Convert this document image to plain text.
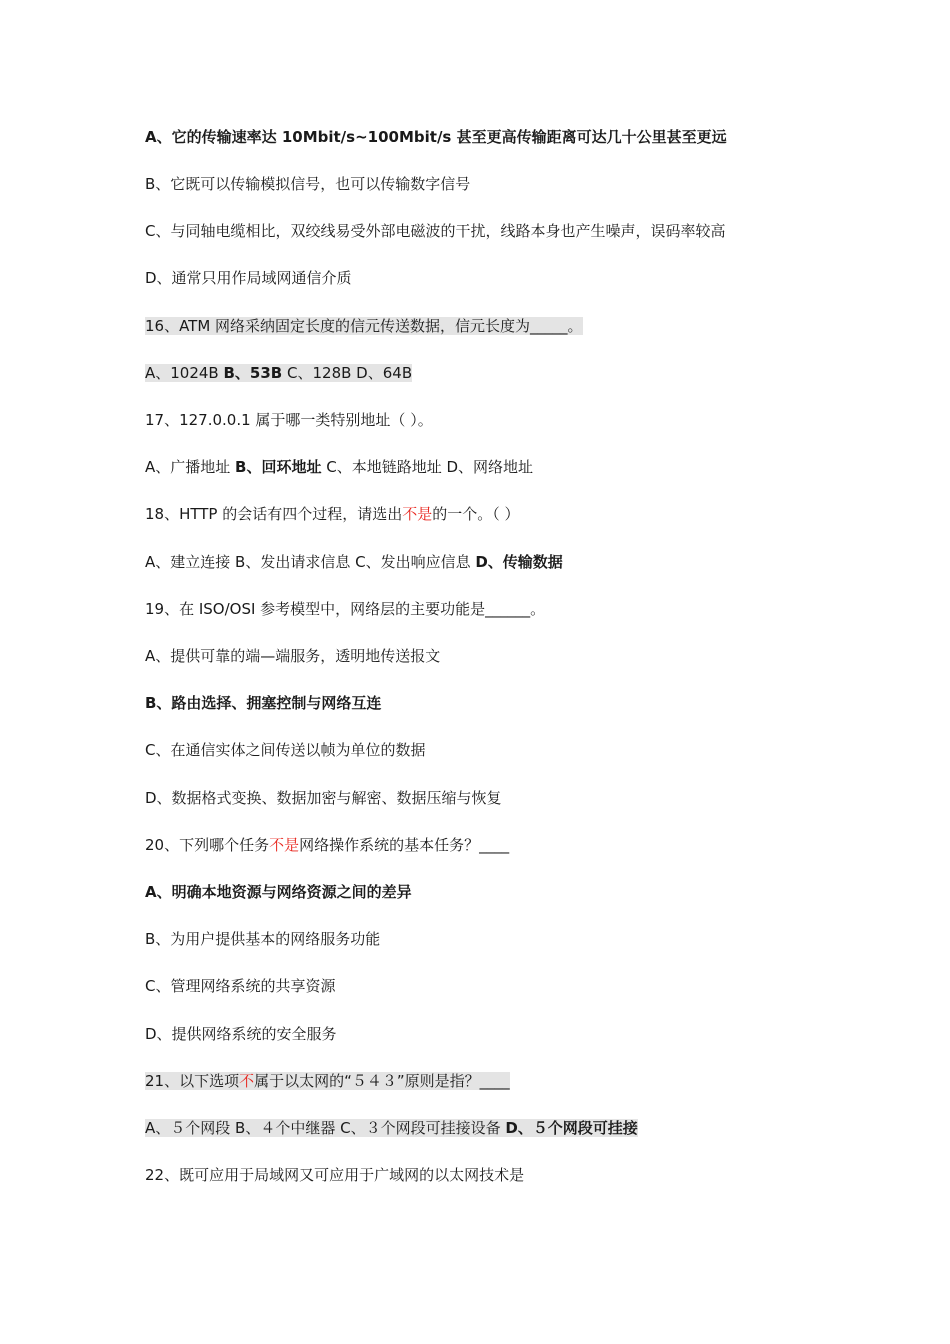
A、它的传输速率达 10Mbit/s~100Mbit/s 甚至更高传输距离可达几十公里甚至更远
B、它既可以传输模拟信号，也可以传输数字信号
C、与同轴电缆相比，双绞线易受外部电磁波的干扰，线路本身也产生噪声，误码率较高
D、通常只用作局域网通信介质
16、ATM 网络采纳固定长度的信元传送数据，信元长度为_____。
A、1024B B、53B C、128B D、64B
17、127.0.0.1 属于哪一类特别地址（ ）。
A、广播地址 B、回环地址 C、本地链路地址 D、网络地址
18、HTTP 的会话有四个过程，请选出不是的一个。（ ）
A、建立连接 B、发出请求信息 C、发出响应信息 D、传输数据
19、在 ISO/OSI 参考模型中，网络层的主要功能是______。
A、提供可靠的端—端服务，透明地传送报文
B、路由选择、拥塞控制与网络互连
C、在通信实体之间传送以帧为单位的数据
D、数据格式变换、数据加密与解密、数据压缩与恢复
20、下列哪个任务不是网络操作系统的基本任务？____
A、明确本地资源与网络资源之间的差异
B、为用户提供基本的网络服务功能
C、管理网络系统的共享资源
D、提供网络系统的安全服务
21、以下选项不属于以太网的“５４３”原则是指？____
A、５个网段 B、４个中继器 C、３个网段可挂接设备 D、５个网段可挂接
22、既可应用于局域网又可应用于广域网的以太网技术是
